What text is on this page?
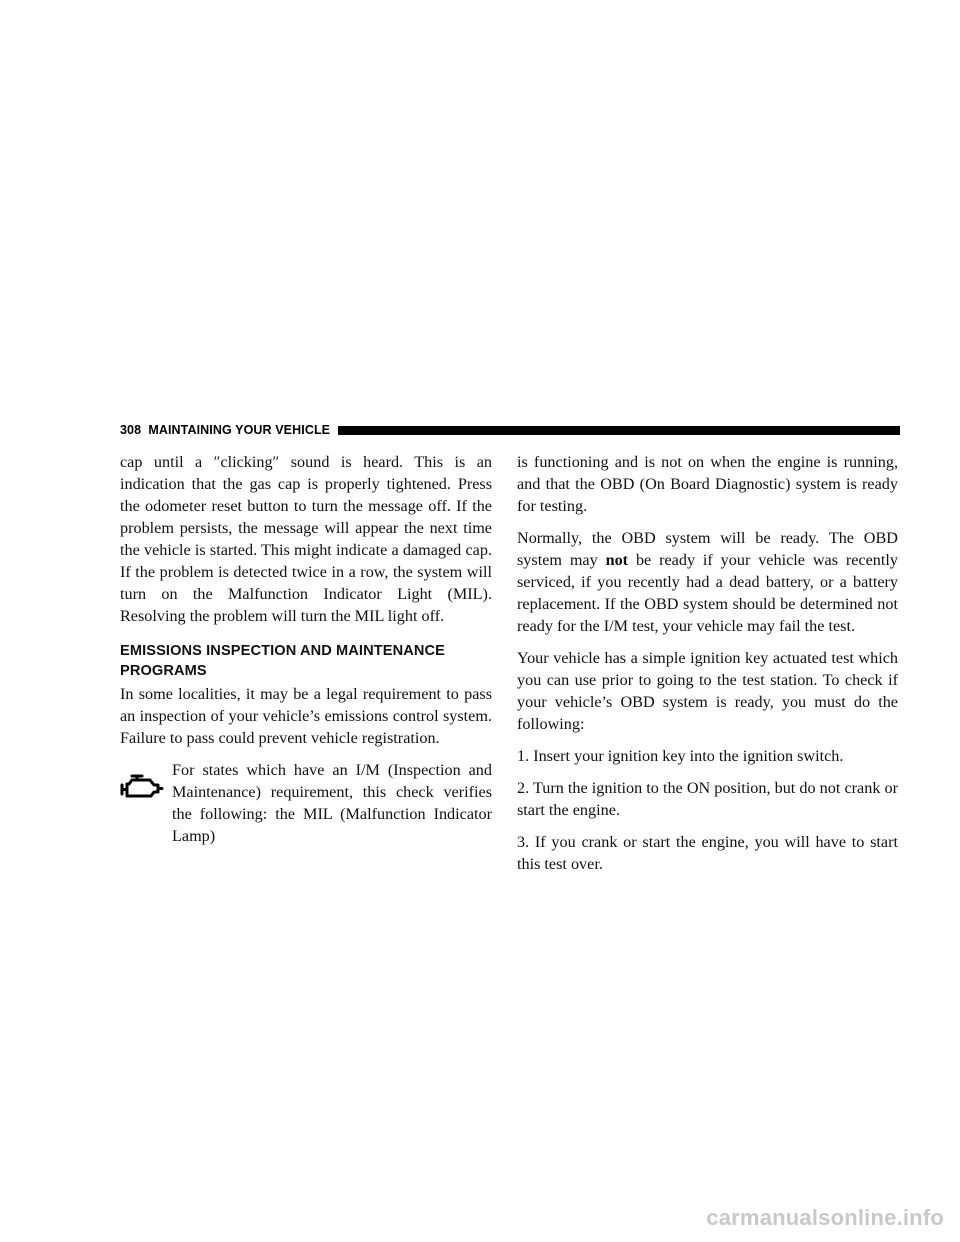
308 MAINTAINING YOUR VEHICLE

cap until a ″clicking″ sound is heard. This is an indication that the gas cap is properly tightened. Press the odometer reset button to turn the message off. If the problem persists, the message will appear the next time the vehicle is started. This might indicate a damaged cap. If the problem is detected twice in a row, the system will turn on the Malfunction Indicator Light (MIL). Resolving the problem will turn the MIL light off.

EMISSIONS INSPECTION AND MAINTENANCE PROGRAMS

In some localities, it may be a legal requirement to pass an inspection of your vehicle’s emissions control system. Failure to pass could prevent vehicle registration.

For states which have an I/M (Inspection and Maintenance) requirement, this check verifies the following: the MIL (Malfunction Indicator Lamp)

is functioning and is not on when the engine is running, and that the OBD (On Board Diagnostic) system is ready for testing.

Normally, the OBD system will be ready. The OBD system may not be ready if your vehicle was recently serviced, if you recently had a dead battery, or a battery replacement. If the OBD system should be determined not ready for the I/M test, your vehicle may fail the test.

Your vehicle has a simple ignition key actuated test which you can use prior to going to the test station. To check if your vehicle’s OBD system is ready, you must do the following:

1. Insert your ignition key into the ignition switch.

2. Turn the ignition to the ON position, but do not crank or start the engine.

3. If you crank or start the engine, you will have to start this test over.

carmanualsonline.info
